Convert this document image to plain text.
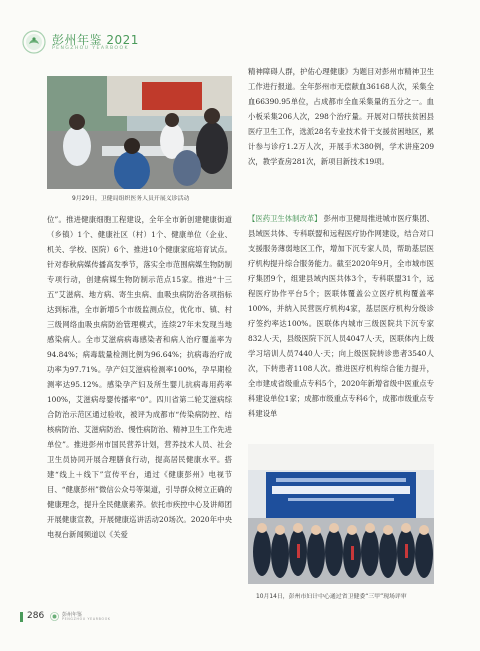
彭州年鉴 2021
PENGZHOU YEARBOOK
9月29日，卫健局组织医务人员开展义诊活动

位”。推进健康细胞工程建设，全年全市新创建健康街道（乡镇）1个、健康社区（村）1个、健康单位（企业、机关、学校、医院）6个、推进10个健康家庭培育试点。针对春秋病媒传播高发季节，落实全市范围病媒生物防制专项行动，创建病媒生物防制示范点15家。推进“十三五”艾滋病、地方病、寄生虫病、血吸虫病防治各项指标达到标准，全市新增5个市级监测点位，优化市、镇、村三级网络血吸虫病防治管理模式，连续27年未发现当地感染病人。全市艾滋病病毒感染者和病人治疗覆盖率为94.84%；病毒载量检测比例为96.64%；抗病毒治疗成功率为97.71%。孕产妇艾滋病检测率100%，孕早期检测率达95.12%。感染孕产妇及所生婴儿抗病毒用药率100%，艾滋病母婴传播率“0”。四川省第二轮艾滋病综合防治示范区通过验收，被评为成都市“传染病防控、结核病防治、艾滋病防治、慢性病防治、精神卫生工作先进单位”。推进彭州市国民营养计划，营养技术人员、社会卫生员协同开展合理膳食行动，提高居民健康水平。搭建“线上＋线下”宣传平台，通过《健康彭州》电视节目、“健康彭州”微信公众号等渠道，引导群众树立正确的健康理念，提升全民健康素养。依托市疾控中心及讲师团开展健康宣教，开展健康巡讲活动20场次。2020年中央电视台新闻频道以《关爱

精神障碍人群，护佑心理健康》为题目对彭州市精神卫生工作进行报道。全年彭州市无偿献血36168人次，采集全血66390.95单位，占成都市全血采集量的五分之一。血小板采集206人次，298个治疗量。开展对口帮扶贫困县医疗卫生工作，选派28名专业技术骨干支援贫困地区，累计参与诊疗1.2万人次，开展手术380例，学术讲座209次，教学查房281次，新项目新技术19项。

【医药卫生体制改革】 彭州市卫健局推进城市医疗集团、县域医共体、专科联盟和远程医疗协作网建设，结合对口支援服务薄弱地区工作，增加下沉专家人员，帮助基层医疗机构提升综合服务能力。截至2020年9月，全市城市医疗集团9个，组建县域内医共体3个，专科联盟31个，远程医疗协作平台5个；医联体覆盖公立医疗机构覆盖率100%，并纳入民营医疗机构4家，基层医疗机构分级诊疗签约率达100%。医联体内城市三级医院共下沉专家832人·天，县级医院下沉人员4047人·天，医联体内上级学习培训人员7440人·天；向上级医院转诊患者3540人次，下转患者1108人次。推进医疗机构综合能力提升，全市建成省级重点专科5个，2020年新增省级中医重点专科建设单位1家；成都市级重点专科6个，成都市级重点专科建设单

10月14日，彭州市妇计中心通过省卫健委“三甲”现场评审
286	彭州年鉴
PENGZHOU YEARBOOK
